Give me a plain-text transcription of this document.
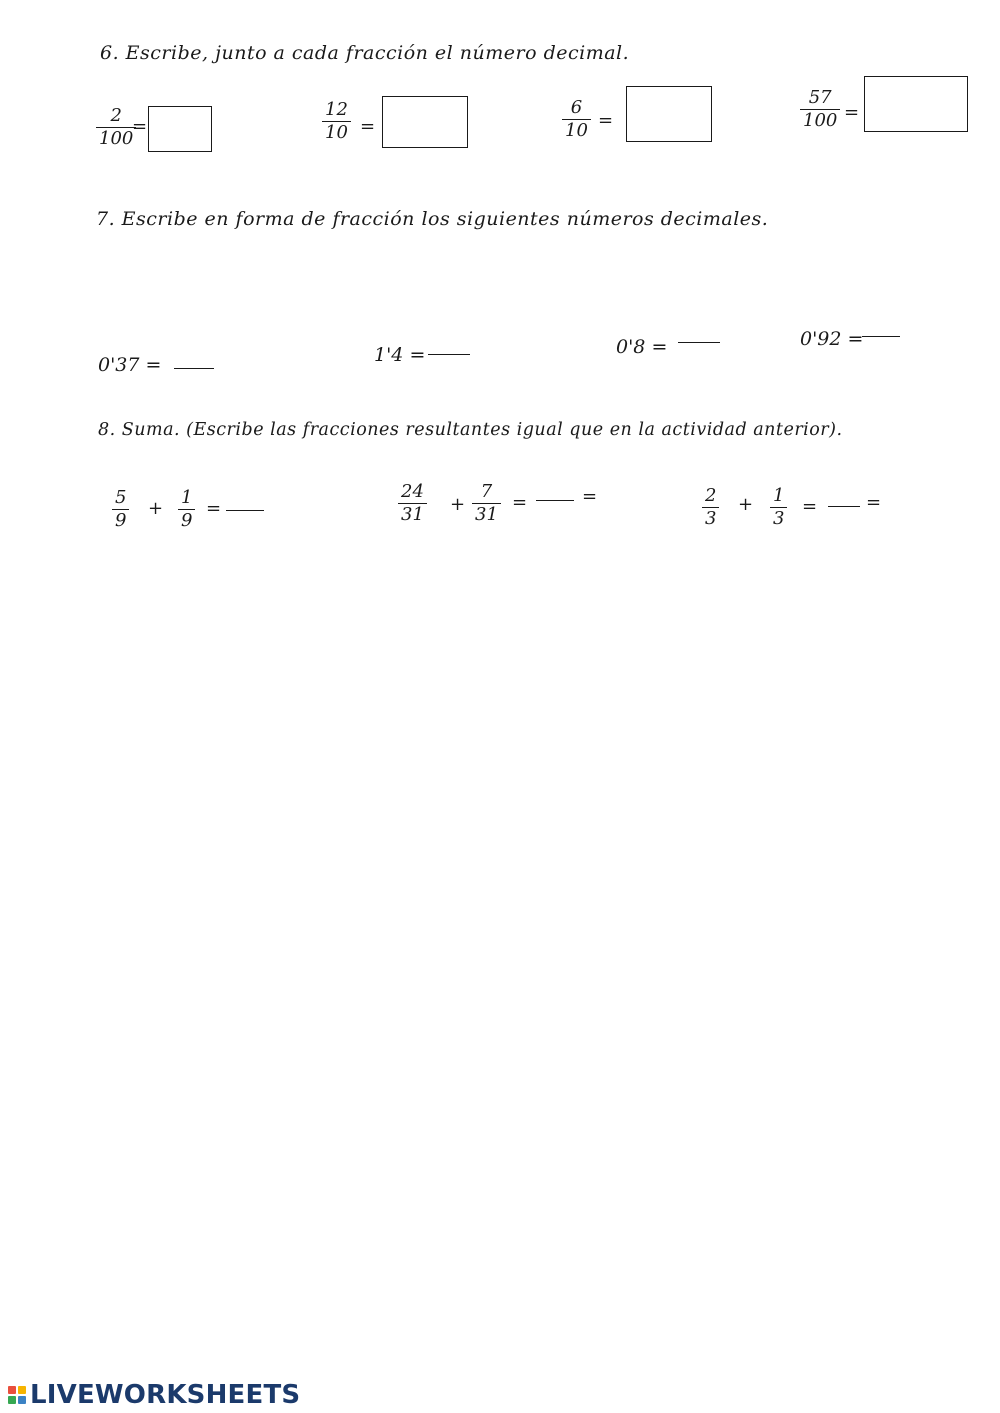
6. Escribe, junto a cada fracción el número decimal.
2
100
=
12
10 =
6
10 =
57
100 =
7. Escribe en forma de fracción los siguientes números decimales.
0'37 =	1'4 =	0'8 =	0'92 =
8. Suma. (Escribe las fracciones resultantes igual que en la actividad anterior).
5
9
+
1
9
=
24
31 +
7
31
=	=	2
3
+ 1
3
=	=
LIVEWORKSHEETS
